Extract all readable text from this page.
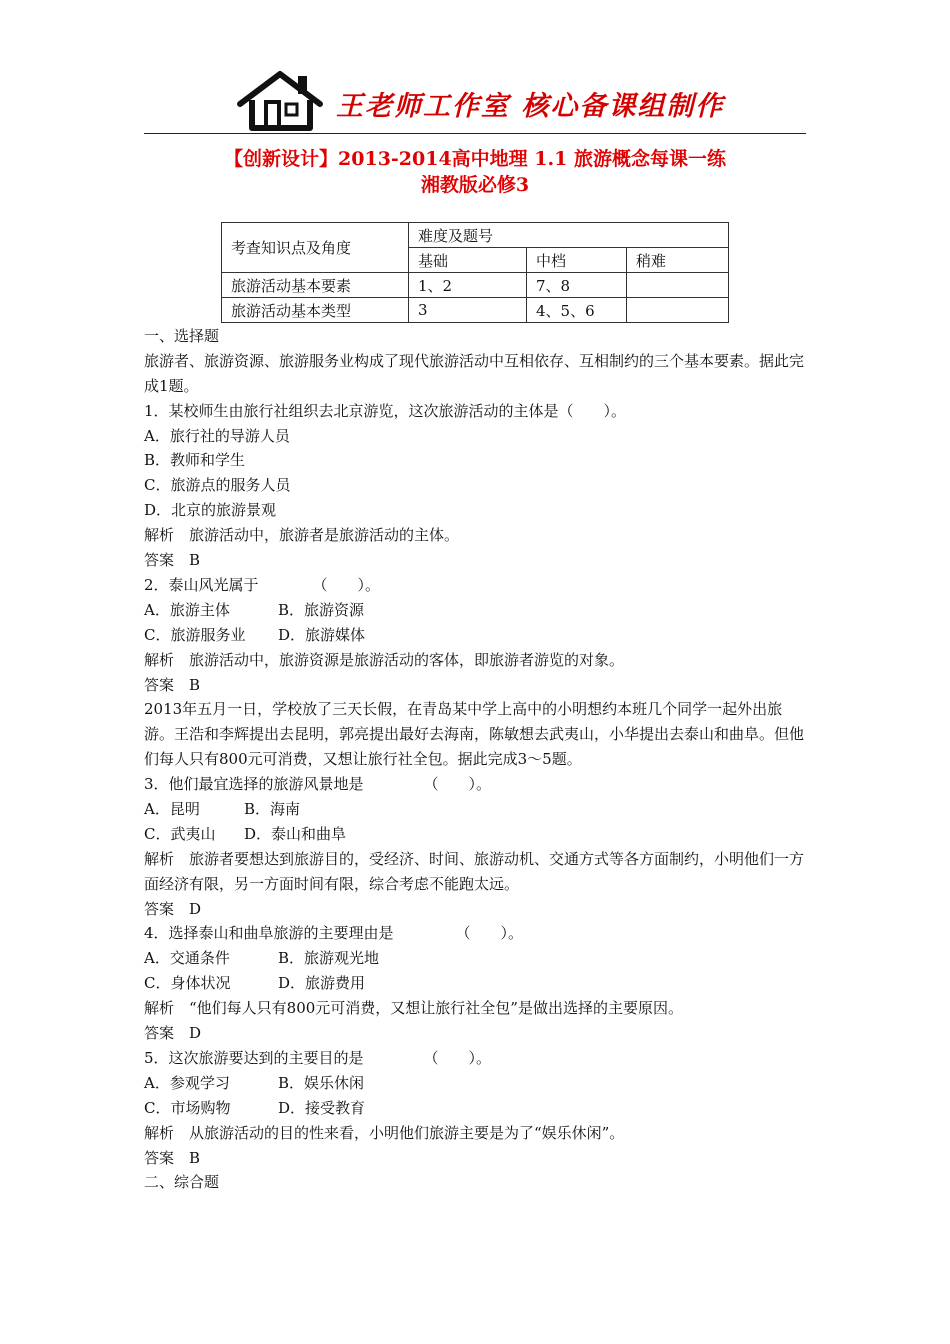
王老师工作室 核心备课组制作
【创新设计】2013-2014高中地理 1.1 旅游概念每课一练
湘教版必修3
考查知识点及角度	难度及题号		
	基础	中档	稍难
旅游活动基本要素	1、2	7、8	
旅游活动基本类型	3	4、5、6	
一、选择题
旅游者、旅游资源、旅游服务业构成了现代旅游活动中互相依存、互相制约的三个基本要素。据此完成1题。
1．某校师生由旅行社组织去北京游览，这次旅游活动的主体是（　　）。
A．旅行社的导游人员
B．教师和学生
C．旅游点的服务人员
D．北京的旅游景观
解析　旅游活动中，旅游者是旅游活动的主体。
答案　B
2．泰山风光属于	（　　）。
A．旅游主体	B．旅游资源
C．旅游服务业 D．旅游媒体
解析　旅游活动中，旅游资源是旅游活动的客体，即旅游者游览的对象。
答案　B
2013年五月一日，学校放了三天长假，在青岛某中学上高中的小明想约本班几个同学一起外出旅游。王浩和李辉提出去昆明，郭亮提出最好去海南，陈敏想去武夷山，小华提出去泰山和曲阜。但他们每人只有800元可消费，又想让旅行社全包。据此完成3～5题。
3．他们最宜选择的旅游风景地是	（　　）。
A．昆明	B．海南
C．武夷山 D．泰山和曲阜
解析　旅游者要想达到旅游目的，受经济、时间、旅游动机、交通方式等各方面制约，小明他们一方面经济有限，另一方面时间有限，综合考虑不能跑太远。
答案　D
4．选择泰山和曲阜旅游的主要理由是	（　　）。
A．交通条件	B．旅游观光地
C．身体状况	D．旅游费用
解析　“他们每人只有800元可消费，又想让旅行社全包”是做出选择的主要原因。
答案　D
5．这次旅游要达到的主要目的是	（　　）。
A．参观学习	B．娱乐休闲
C．市场购物	D．接受教育
解析　从旅游活动的目的性来看，小明他们旅游主要是为了“娱乐休闲”。
答案　B
二、综合题
